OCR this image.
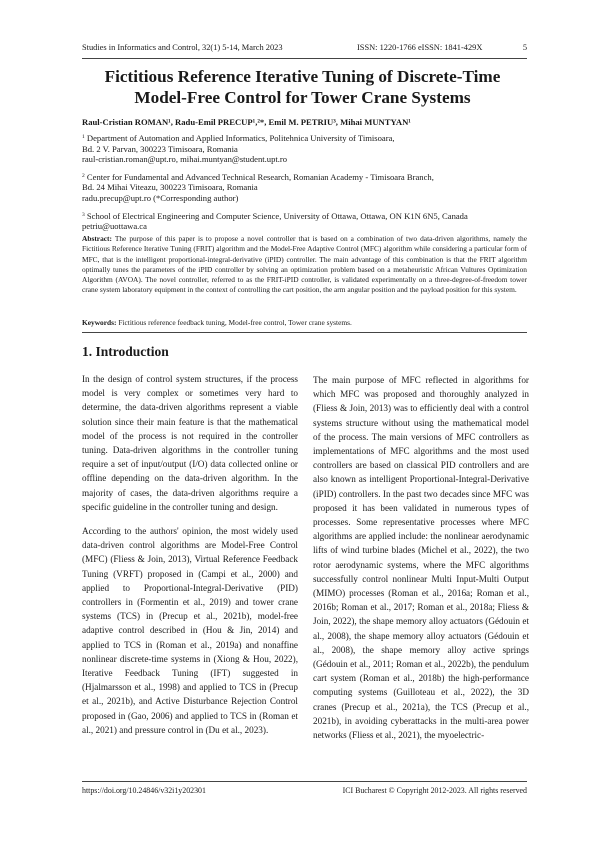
Studies in Informatics and Control, 32(1) 5-14, March 2023	ISSN: 1220-1766 eISSN: 1841-429X	5
Fictitious Reference Iterative Tuning of Discrete-Time
Model-Free Control for Tower Crane Systems
Raul-Cristian ROMAN¹, Radu-Emil PRECUP¹,²*, Emil M. PETRIU³, Mihai MUNTYAN¹
$^1$ Department of Automation and Applied Informatics, Politehnica University of Timisoara,
Bd. 2 V. Parvan, 300223 Timisoara, Romania
raul-cristian.roman@upt.ro, mihai.muntyan@student.upt.ro
$^2$ Center for Fundamental and Advanced Technical Research, Romanian Academy - Timisoara Branch,
Bd. 24 Mihai Viteazu, 300223 Timisoara, Romania
radu.precup@upt.ro (*Corresponding author)
$^3$ School of Electrical Engineering and Computer Science, University of Ottawa, Ottawa, ON K1N 6N5, Canada
petriu@uottawa.ca
Abstract: The purpose of this paper is to propose a novel controller that is based on a combination of two data-driven algorithms, namely the Fictitious Reference Iterative Tuning (FRIT) algorithm and the Model-Free Adaptive Control (MFC) algorithm while considering a particular form of MFC, that is the intelligent proportional-integral-derivative (iPID) controller. The main advantage of this combination is that the FRIT algorithm optimally tunes the parameters of the iPID controller by solving an optimization problem based on a metaheuristic African Vultures Optimization Algorithm (AVOA). The novel controller, referred to as the FRIT-iPID controller, is validated experimentally on a three-degree-of-freedom tower crane system laboratory equipment in the context of controlling the cart position, the arm angular position and the payload position for this system.
Keywords: Fictitious reference feedback tuning, Model-free control, Tower crane systems.
1. Introduction

In the design of control system structures, if the process model is very complex or sometimes very hard to determine, the data-driven algorithms represent a viable solution since their main feature is that the mathematical model of the process is not required in the controller tuning. Data-driven algorithms in the controller tuning require a set of input/output (I/O) data collected online or offline depending on the data-driven algorithm. In the majority of cases, the data-driven algorithms require a specific guideline in the controller tuning and design.

According to the authors' opinion, the most widely used data-driven control algorithms are Model-Free Control (MFC) (Fliess & Join, 2013), Virtual Reference Feedback Tuning (VRFT) proposed in (Campi et al., 2000) and applied to Proportional-Integral-Derivative (PID) controllers in (Formentin et al., 2019) and tower crane systems (TCS) in (Precup et al., 2021b), model-free adaptive control described in (Hou & Jin, 2014) and applied to TCS in (Roman et al., 2019a) and nonaffine nonlinear discrete-time systems in (Xiong & Hou, 2022), Iterative Feedback Tuning (IFT) suggested in (Hjalmarsson et al., 1998) and applied to TCS in (Precup et al., 2021b), and Active Disturbance Rejection Control proposed in (Gao, 2006) and applied to TCS in (Roman et al., 2021) and pressure control in (Du et al., 2023).

The main purpose of MFC reflected in algorithms for which MFC was proposed and thoroughly analyzed in (Fliess & Join, 2013) was to efficiently deal with a control systems structure without using the mathematical model of the process. The main versions of MFC controllers as implementations of MFC algorithms and the most used controllers are based on classical PID controllers and are also known as intelligent Proportional-Integral-Derivative (iPID) controllers. In the past two decades since MFC was proposed it has been validated in numerous types of processes. Some representative processes where MFC algorithms are applied include: the nonlinear aerodynamic lifts of wind turbine blades (Michel et al., 2022), the two rotor aerodynamic systems, where the MFC algorithms successfully control nonlinear Multi Input-Multi Output (MIMO) processes (Roman et al., 2016a; Roman et al., 2016b; Roman et al., 2017; Roman et al., 2018a; Fliess & Join, 2022), the shape memory alloy actuators (Gédouin et al., 2008), the shape memory alloy actuators (Gédouin et al., 2008), the shape memory alloy active springs (Gédouin et al., 2011; Roman et al., 2022b), the pendulum cart system (Roman et al., 2018b) the high-performance computing systems (Guilloteau et al., 2022), the 3D cranes (Precup et al., 2021a), the TCS (Precup et al., 2021b), in avoiding cyberattacks in the multi-area power networks (Fliess et al., 2021), the myoelectric-

https://doi.org/10.24846/v32i1y202301	ICI Bucharest © Copyright 2012-2023. All rights reserved
